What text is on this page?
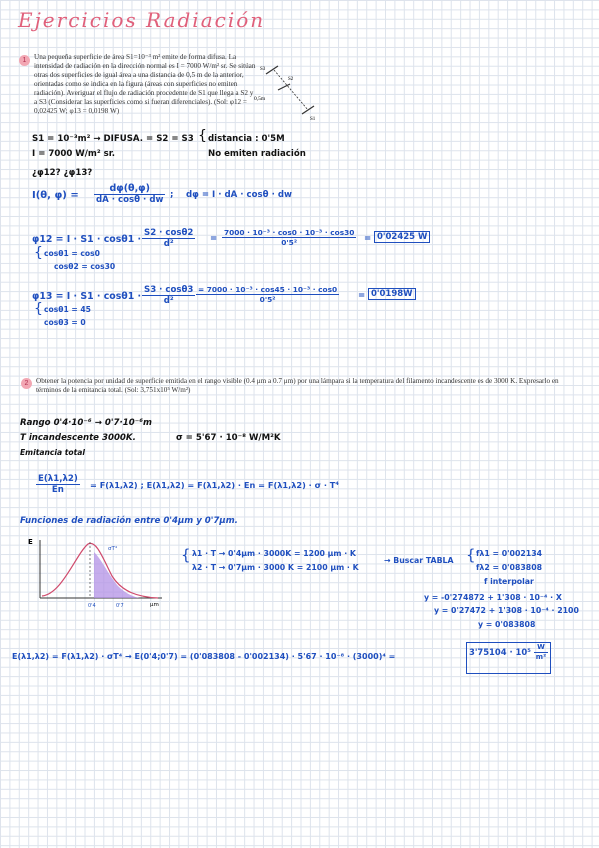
Ejercicios Radiación
1	Una pequeña superficie de área S1=10⁻³ m² emite de forma difusa. La intensidad de radiación en la dirección normal es I = 7000 W/m² sr. Se sitúan otras dos superficies de igual área a una distancia de 0,5 m de la anterior, orientadas como se indica en la figura (áreas con superficies no emiten radiación). Averiguar el flujo de radiación procedente de S1 que llega a S2 y a S3 (Considerar las superficies como si fueran diferenciales). (Sol: φ12 = 0,02425 W; φ13 = 0,0198 W)
S3
S2
S1
0,5m
S1 = 10⁻³m² → DIFUSA. = S2 = S3 { distancia : 0'5M
I = 7000 W/m² sr.	No emiten radiación
¿φ12? ¿φ13?
I(θ, $\varphi) = \frac{d\varphi(\theta,\varphi)}{dA \cdot \cos\theta \cdot dw}$ ; dφ = I · dA · cosθ · dw
$\varphi 12 = I \cdot S1 \cdot \cos\theta 1 \cdot \frac{S2 \cdot \cos\theta 2}{\text{d²}} = \frac{\text{7000 · 10⁻³ · cos0 · 10⁻³ · cos30}}{\text{0'5²}} = 0'02425$ W
{ cosθ1 = cos0
cosθ2 = cos30
$\varphi 13 = I \cdot S1 \cdot \cos\theta 1 \cdot \frac{S3 \cdot \cos\theta 3}{\text{d²}} \frac{\text{= 7000 · 10⁻³ · cos45 · 10⁻³ · cos0}}{\text{0'5²}} = 0'0198W$
{ cosθ1 = 45
cosθ3 = 0
2	Obtener la potencia por unidad de superficie emitida en el rango visible (0.4 μm a 0.7 μm) por una lámpara si la temperatura del filamento incandescente es de 3000 K. Expresarlo en términos de la emitancia total. (Sol: 3,751x10⁵ W/m²)
Rango 0'4·10⁻⁶ → 0'7·10⁻⁶m
T incandescente 3000K.	σ = 5'67 · 10⁻⁸ W/M²K
Emitancia total
$\frac{E(\lambda 1,\lambda 2)}{En} = F(\lambda 1,\lambda 2)$ ; E(λ1,λ2) = F(λ1,λ2) · En = F(λ1,λ2) · σ · T⁴
Funciones de radiación entre 0'4μm y 0'7μm.
E
σT⁴
μm
0'4	0'7
{ λ1 · T → 0'4μm · 3000K = 1200 μm · K
λ2 · T → 0'7μm · 3000 K = 2100 μm · K
→ Buscar TABLA { fλ1 = 0'002134
fλ2 = 0'083808
f interpolar
y = -0'274872 + 1'308 · 10⁻⁴ · X
y = 0'27472 + 1'308 · 10⁻⁴ · 2100
y = 0'083808
E(λ1,λ2) = F(λ1,λ2) · σT⁴ → E(0'4;0'7) = (0'083808 - 0'002134) · 5'67 · 10⁻⁸ · (3000)⁴ =	$3'75104 \cdot 10^5 \frac{W}{\text{m²}}$
